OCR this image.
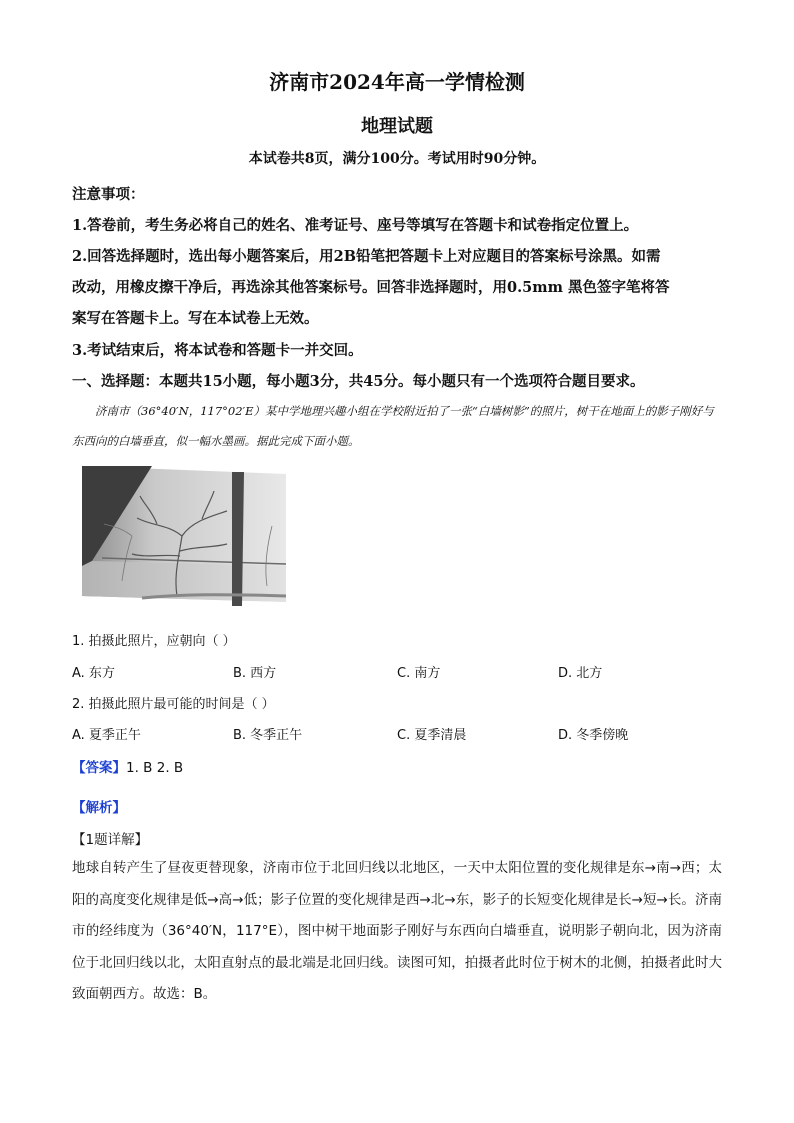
济南市2024年高一学情检测
地理试题
本试卷共8页，满分100分。考试用时90分钟。
注意事项：
1.答卷前，考生务必将自己的姓名、准考证号、座号等填写在答题卡和试卷指定位置上。
2.回答选择题时，选出每小题答案后，用2B铅笔把答题卡上对应题目的答案标号涂黑。如需
改动，用橡皮擦干净后，再选涂其他答案标号。回答非选择题时，用0.5mm 黑色签字笔将答
案写在答题卡上。写在本试卷上无效。
3.考试结束后，将本试卷和答题卡一并交回。
一、选择题：本题共15小题，每小题3分，共45分。每小题只有一个选项符合题目要求。
济南市（36°40′N，117°02′E）某中学地理兴趣小组在学校附近拍了一张“白墙树影”的照片，树干在地面上的影子刚好与东西向的白墙垂直，似一幅水墨画。据此完成下面小题。
1. 拍摄此照片，应朝向（ ）
A. 东方	B. 西方	C. 南方	D. 北方
2. 拍摄此照片最可能的时间是（ ）
A. 夏季正午	B. 冬季正午	C. 夏季清晨	D. 冬季傍晚
【答案】1. B 2. B
【解析】
【1题详解】
地球自转产生了昼夜更替现象，济南市位于北回归线以北地区，一天中太阳位置的变化规律是东→南→西；太阳的高度变化规律是低→高→低；影子位置的变化规律是西→北→东，影子的长短变化规律是长→短→长。济南市的经纬度为（36°40′N，117°E），图中树干地面影子刚好与东西向白墙垂直，说明影子朝向北，因为济南位于北回归线以北，太阳直射点的最北端是北回归线。读图可知，拍摄者此时位于树木的北侧，拍摄者此时大致面朝西方。故选：B。
